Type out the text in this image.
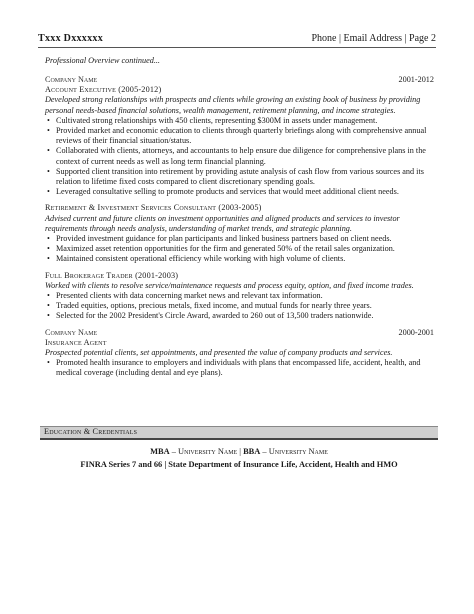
Txxx Dxxxxxx	Phone | Email Address | Page 2
Professional Overview continued...
Company Name	2001-2012
Account Executive (2005-2012)
Developed strong relationships with prospects and clients while growing an existing book of business by providing personal needs-based financial solutions, wealth management, retirement planning, and income strategies.
• Cultivated strong relationships with 450 clients, representing $300M in assets under management.
• Provided market and economic education to clients through quarterly briefings along with comprehensive annual reviews of their financial situation/status.
• Collaborated with clients, attorneys, and accountants to help ensure due diligence for comprehensive plans in the context of current needs as well as long term financial planning.
• Supported client transition into retirement by providing astute analysis of cash flow from various sources and its relation to lifetime fixed costs compared to client discretionary spending goals.
• Leveraged consultative selling to promote products and services that would meet additional client needs.
Retirement & Investment Services Consultant (2003-2005)
Advised current and future clients on investment opportunities and aligned products and services to investor requirements through needs analysis, understanding of market trends, and strategic planning.
• Provided investment guidance for plan participants and linked business partners based on client needs.
• Maximized asset retention opportunities for the firm and generated 50% of the retail sales organization.
• Maintained consistent operational efficiency while working with high volume of clients.
Full Brokerage Trader (2001-2003)
Worked with clients to resolve service/maintenance requests and process equity, option, and fixed income trades.
• Presented clients with data concerning market news and relevant tax information.
• Traded equities, options, precious metals, fixed income, and mutual funds for nearly three years.
• Selected for the 2002 President's Circle Award, awarded to 260 out of 13,500 traders nationwide.
Company Name	2000-2001
Insurance Agent
Prospected potential clients, set appointments, and presented the value of company products and services.
• Promoted health insurance to employers and individuals with plans that encompassed life, accident, health, and medical coverage (including dental and eye plans).
Education & Credentials
MBA – University Name | BBA – University Name
FINRA Series 7 and 66 | State Department of Insurance Life, Accident, Health and HMO
